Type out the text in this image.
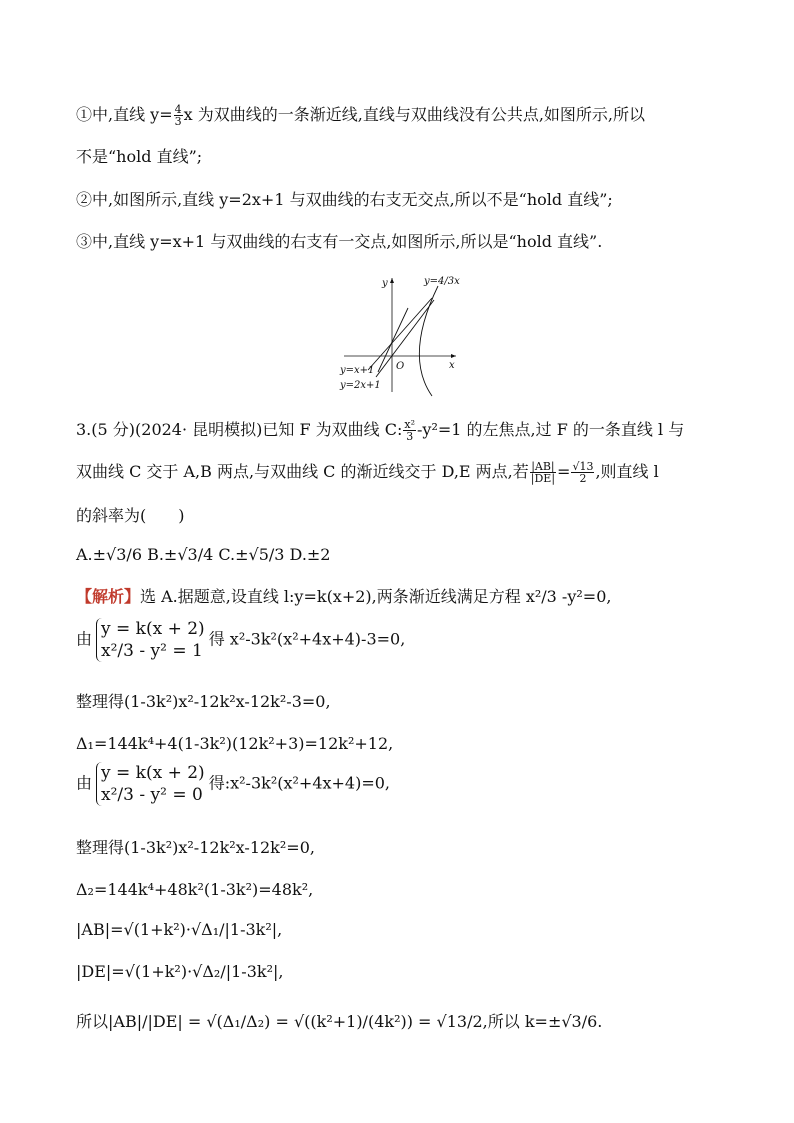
①中,直线 $y= \frac{4}{3}$ x 为双曲线的一条渐近线,直线与双曲线没有公共点,如图所示,所以
不是“hold 直线”;
②中,如图所示,直线 y=2x+1 与双曲线的右支无交点,所以不是“hold 直线”;
③中,直线 y=x+1 与双曲线的右支有一交点,如图所示,所以是“hold 直线”.
y
x
O
y=4/3x
y=x+1
y=2x+1
3.(5 分)(2024· 昆明模拟)已知 F 为双曲线 C: $\frac{\text{x²}}{3} -y^2=1$ 的左焦点,过 F 的一条直线 l 与
双曲线 C 交于 A,B 两点,与双曲线 C 的渐近线交于 D,E 两点,若 $\frac{|AB|}{|DE|} = \frac{√13}{2}$ ,则直线 l
的斜率为(　　)
A.±√3/6 B.±√3/4 C.±√5/3 D.±2
【解析】选 A.据题意,设直线 l:y=k(x+2),两条渐近线满足方程 x²/3 -y²=0,
由 y = k(x + 2)
x²/3 - y² = 1
得 x²-3k²(x²+4x+4)-3=0,
整理得(1-3k²)x²-12k²x-12k²-3=0,
Δ₁=144k⁴+4(1-3k²)(12k²+3)=12k²+12,
由 y = k(x + 2)
x²/3 - y² = 0
得:x²-3k²(x²+4x+4)=0,
整理得(1-3k²)x²-12k²x-12k²=0,
Δ₂=144k⁴+48k²(1-3k²)=48k²,
|AB|=√(1+k²)·√Δ₁/|1-3k²|,
|DE|=√(1+k²)·√Δ₂/|1-3k²|,
所以|AB|/|DE| = √(Δ₁/Δ₂) = √((k²+1)/(4k²)) = √13/2,所以 k=±√3/6.
